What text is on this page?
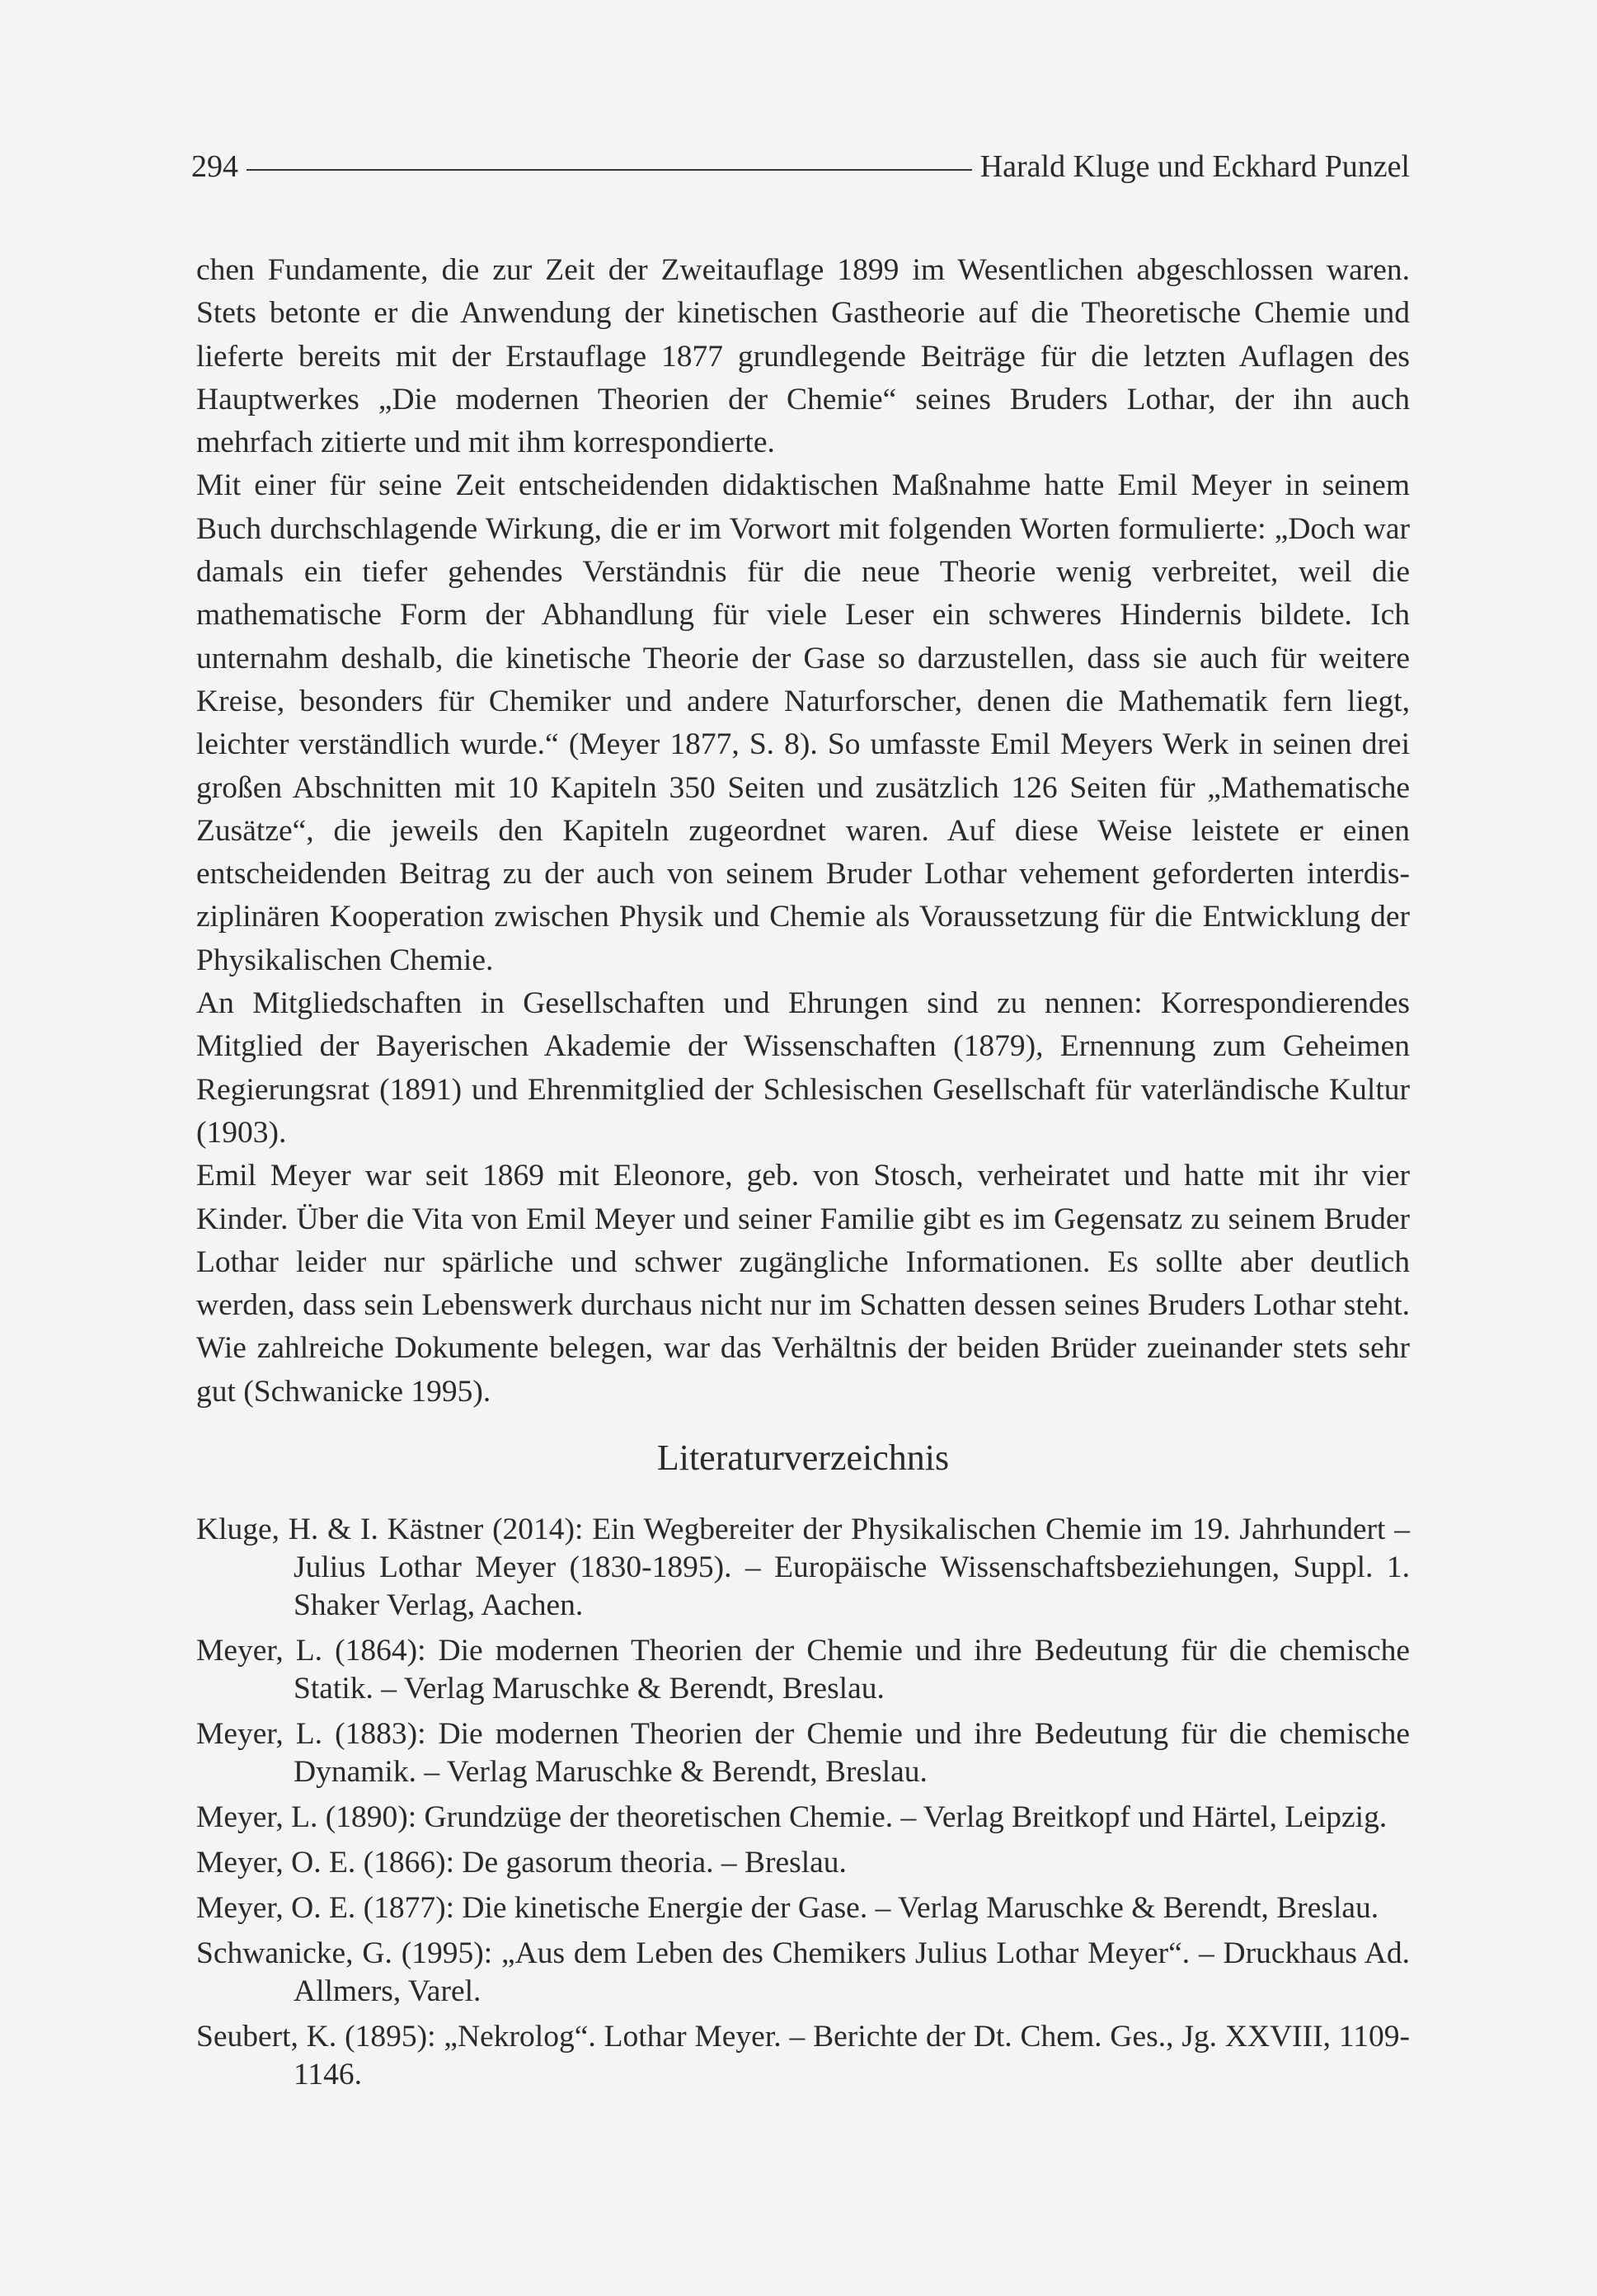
294	Harald Kluge und Eckhard Punzel

chen Fundamente, die zur Zeit der Zweitauflage 1899 im Wesentlichen abgeschlossen waren. Stets betonte er die Anwendung der kinetischen Gastheorie auf die Theoretische Chemie und lieferte bereits mit der Erstauflage 1877 grundlegende Beiträge für die letzten Auflagen des Hauptwerkes „Die modernen Theorien der Chemie“ seines Bruders Lothar, der ihn auch mehrfach zitierte und mit ihm korrespondierte.

Mit einer für seine Zeit entscheidenden didaktischen Maßnahme hatte Emil Meyer in seinem Buch durchschlagende Wirkung, die er im Vorwort mit folgenden Worten formulierte: „Doch war damals ein tiefer gehendes Verständnis für die neue Theorie wenig verbreitet, weil die mathematische Form der Abhandlung für viele Leser ein schweres Hindernis bildete. Ich unternahm deshalb, die kinetische Theorie der Gase so darzustellen, dass sie auch für weitere Kreise, besonders für Chemiker und andere Naturforscher, denen die Mathematik fern liegt, leichter verständlich wurde.“ (Meyer 1877, S. 8). So umfasste Emil Meyers Werk in seinen drei großen Abschnitten mit 10 Kapiteln 350 Seiten und zusätzlich 126 Seiten für „Mathematische Zusätze“, die jeweils den Kapiteln zugeordnet waren. Auf diese Weise leistete er einen entscheidenden Beitrag zu der auch von seinem Bruder Lothar vehement geforderten interdisziplinären Kooperation zwischen Physik und Chemie als Voraussetzung für die Entwicklung der Physikalischen Chemie.

An Mitgliedschaften in Gesellschaften und Ehrungen sind zu nennen: Korrespondierendes Mitglied der Bayerischen Akademie der Wissenschaften (1879), Ernennung zum Geheimen Regierungsrat (1891) und Ehrenmitglied der Schlesischen Gesellschaft für vaterländische Kultur (1903).

Emil Meyer war seit 1869 mit Eleonore, geb. von Stosch, verheiratet und hatte mit ihr vier Kinder. Über die Vita von Emil Meyer und seiner Familie gibt es im Gegensatz zu seinem Bruder Lothar leider nur spärliche und schwer zugängliche Informationen. Es sollte aber deutlich werden, dass sein Lebenswerk durchaus nicht nur im Schatten dessen seines Bruders Lothar steht. Wie zahlreiche Dokumente belegen, war das Verhältnis der beiden Brüder zueinander stets sehr gut (Schwanicke 1995).

Literaturverzeichnis

Kluge, H. & I. Kästner (2014): Ein Wegbereiter der Physikalischen Chemie im 19. Jahrhundert – Julius Lothar Meyer (1830-1895). – Europäische Wissenschaftsbeziehungen, Suppl. 1. Shaker Verlag, Aachen.

Meyer, L. (1864): Die modernen Theorien der Chemie und ihre Bedeutung für die chemische Statik. – Verlag Maruschke & Berendt, Breslau.

Meyer, L. (1883): Die modernen Theorien der Chemie und ihre Bedeutung für die chemische Dynamik. – Verlag Maruschke & Berendt, Breslau.

Meyer, L. (1890): Grundzüge der theoretischen Chemie. – Verlag Breitkopf und Härtel, Leipzig.

Meyer, O. E. (1866): De gasorum theoria. – Breslau.

Meyer, O. E. (1877): Die kinetische Energie der Gase. – Verlag Maruschke & Berendt, Breslau.

Schwanicke, G. (1995): „Aus dem Leben des Chemikers Julius Lothar Meyer“. – Druckhaus Ad. Allmers, Varel.

Seubert, K. (1895): „Nekrolog“. Lothar Meyer. – Berichte der Dt. Chem. Ges., Jg. XXVIII, 1109-1146.
